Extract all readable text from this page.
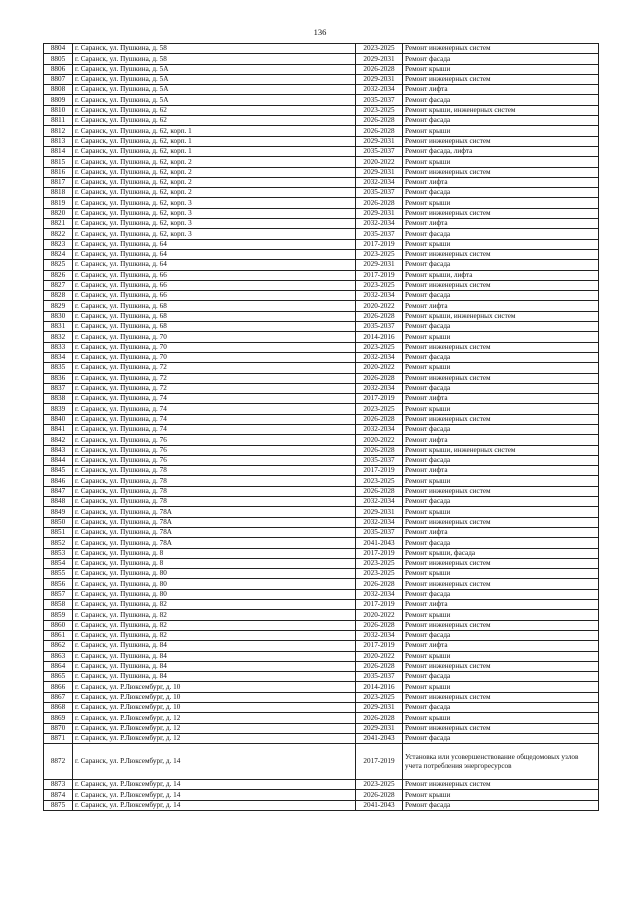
136
8804	г. Саранск, ул. Пушкина, д. 58	2023-2025	Ремонт инженерных систем
8805	г. Саранск, ул. Пушкина, д. 58	2029-2031	Ремонт фасада
8806	г. Саранск, ул. Пушкина, д. 5А	2026-2028	Ремонт крыши
8807	г. Саранск, ул. Пушкина, д. 5А	2029-2031	Ремонт инженерных систем
8808	г. Саранск, ул. Пушкина, д. 5А	2032-2034	Ремонт лифта
8809	г. Саранск, ул. Пушкина, д. 5А	2035-2037	Ремонт фасада
8810	г. Саранск, ул. Пушкина, д. 62	2023-2025	Ремонт крыши, инженерных систем
8811	г. Саранск, ул. Пушкина, д. 62	2026-2028	Ремонт фасада
8812	г. Саранск, ул. Пушкина, д. 62, корп. 1	2026-2028	Ремонт крыши
8813	г. Саранск, ул. Пушкина, д. 62, корп. 1	2029-2031	Ремонт инженерных систем
8814	г. Саранск, ул. Пушкина, д. 62, корп. 1	2035-2037	Ремонт фасада, лифта
8815	г. Саранск, ул. Пушкина, д. 62, корп. 2	2020-2022	Ремонт крыши
8816	г. Саранск, ул. Пушкина, д. 62, корп. 2	2029-2031	Ремонт инженерных систем
8817	г. Саранск, ул. Пушкина, д. 62, корп. 2	2032-2034	Ремонт лифта
8818	г. Саранск, ул. Пушкина, д. 62, корп. 2	2035-2037	Ремонт фасада
8819	г. Саранск, ул. Пушкина, д. 62, корп. 3	2026-2028	Ремонт крыши
8820	г. Саранск, ул. Пушкина, д. 62, корп. 3	2029-2031	Ремонт инженерных систем
8821	г. Саранск, ул. Пушкина, д. 62, корп. 3	2032-2034	Ремонт лифта
8822	г. Саранск, ул. Пушкина, д. 62, корп. 3	2035-2037	Ремонт фасада
8823	г. Саранск, ул. Пушкина, д. 64	2017-2019	Ремонт крыши
8824	г. Саранск, ул. Пушкина, д. 64	2023-2025	Ремонт инженерных систем
8825	г. Саранск, ул. Пушкина, д. 64	2029-2031	Ремонт фасада
8826	г. Саранск, ул. Пушкина, д. 66	2017-2019	Ремонт крыши, лифта
8827	г. Саранск, ул. Пушкина, д. 66	2023-2025	Ремонт инженерных систем
8828	г. Саранск, ул. Пушкина, д. 66	2032-2034	Ремонт фасада
8829	г. Саранск, ул. Пушкина, д. 68	2020-2022	Ремонт лифта
8830	г. Саранск, ул. Пушкина, д. 68	2026-2028	Ремонт крыши, инженерных систем
8831	г. Саранск, ул. Пушкина, д. 68	2035-2037	Ремонт фасада
8832	г. Саранск, ул. Пушкина, д. 70	2014-2016	Ремонт крыши
8833	г. Саранск, ул. Пушкина, д. 70	2023-2025	Ремонт инженерных систем
8834	г. Саранск, ул. Пушкина, д. 70	2032-2034	Ремонт фасада
8835	г. Саранск, ул. Пушкина, д. 72	2020-2022	Ремонт крыши
8836	г. Саранск, ул. Пушкина, д. 72	2026-2028	Ремонт инженерных систем
8837	г. Саранск, ул. Пушкина, д. 72	2032-2034	Ремонт фасада
8838	г. Саранск, ул. Пушкина, д. 74	2017-2019	Ремонт лифта
8839	г. Саранск, ул. Пушкина, д. 74	2023-2025	Ремонт крыши
8840	г. Саранск, ул. Пушкина, д. 74	2026-2028	Ремонт инженерных систем
8841	г. Саранск, ул. Пушкина, д. 74	2032-2034	Ремонт фасада
8842	г. Саранск, ул. Пушкина, д. 76	2020-2022	Ремонт лифта
8843	г. Саранск, ул. Пушкина, д. 76	2026-2028	Ремонт крыши, инженерных систем
8844	г. Саранск, ул. Пушкина, д. 76	2035-2037	Ремонт фасада
8845	г. Саранск, ул. Пушкина, д. 78	2017-2019	Ремонт лифта
8846	г. Саранск, ул. Пушкина, д. 78	2023-2025	Ремонт крыши
8847	г. Саранск, ул. Пушкина, д. 78	2026-2028	Ремонт инженерных систем
8848	г. Саранск, ул. Пушкина, д. 78	2032-2034	Ремонт фасада
8849	г. Саранск, ул. Пушкина, д. 78А	2029-2031	Ремонт крыши
8850	г. Саранск, ул. Пушкина, д. 78А	2032-2034	Ремонт инженерных систем
8851	г. Саранск, ул. Пушкина, д. 78А	2035-2037	Ремонт лифта
8852	г. Саранск, ул. Пушкина, д. 78А	2041-2043	Ремонт фасада
8853	г. Саранск, ул. Пушкина, д. 8	2017-2019	Ремонт крыши, фасада
8854	г. Саранск, ул. Пушкина, д. 8	2023-2025	Ремонт инженерных систем
8855	г. Саранск, ул. Пушкина, д. 80	2023-2025	Ремонт крыши
8856	г. Саранск, ул. Пушкина, д. 80	2026-2028	Ремонт инженерных систем
8857	г. Саранск, ул. Пушкина, д. 80	2032-2034	Ремонт фасада
8858	г. Саранск, ул. Пушкина, д. 82	2017-2019	Ремонт лифта
8859	г. Саранск, ул. Пушкина, д. 82	2020-2022	Ремонт крыши
8860	г. Саранск, ул. Пушкина, д. 82	2026-2028	Ремонт инженерных систем
8861	г. Саранск, ул. Пушкина, д. 82	2032-2034	Ремонт фасада
8862	г. Саранск, ул. Пушкина, д. 84	2017-2019	Ремонт лифта
8863	г. Саранск, ул. Пушкина, д. 84	2020-2022	Ремонт крыши
8864	г. Саранск, ул. Пушкина, д. 84	2026-2028	Ремонт инженерных систем
8865	г. Саранск, ул. Пушкина, д. 84	2035-2037	Ремонт фасада
8866	г. Саранск, ул. Р.Люксембург, д. 10	2014-2016	Ремонт крыши
8867	г. Саранск, ул. Р.Люксембург, д. 10	2023-2025	Ремонт инженерных систем
8868	г. Саранск, ул. Р.Люксембург, д. 10	2029-2031	Ремонт фасада
8869	г. Саранск, ул. Р.Люксембург, д. 12	2026-2028	Ремонт крыши
8870	г. Саранск, ул. Р.Люксембург, д. 12	2029-2031	Ремонт инженерных систем
8871	г. Саранск, ул. Р.Люксембург, д. 12	2041-2043	Ремонт фасада
8872	г. Саранск, ул. Р.Люксембург, д. 14	2017-2019	Установка или усовершенствование общедомовых узлов учета потребления энергоресурсов
8873	г. Саранск, ул. Р.Люксембург, д. 14	2023-2025	Ремонт инженерных систем
8874	г. Саранск, ул. Р.Люксембург, д. 14	2026-2028	Ремонт крыши
8875	г. Саранск, ул. Р.Люксембург, д. 14	2041-2043	Ремонт фасада
